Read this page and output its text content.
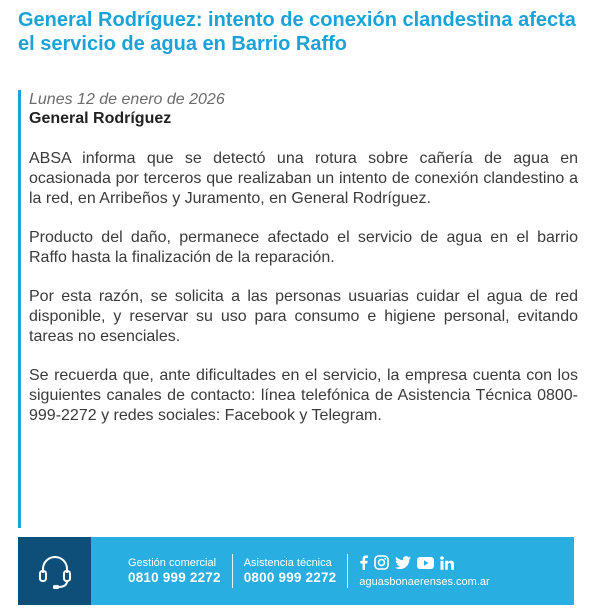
General Rodríguez: intento de conexión clandestina afecta el servicio de agua en Barrio Raffo
Lunes 12 de enero de 2026
General Rodríguez

ABSA informa que se detectó una rotura sobre cañería de agua en ocasionada por terceros que realizaban un intento de conexión clandestino a la red, en Arribeños y Juramento, en General Rodríguez.

Producto del daño, permanece afectado el servicio de agua en el barrio Raffo hasta la finalización de la reparación.

Por esta razón, se solicita a las personas usuarias cuidar el agua de red disponible, y reservar su uso para consumo e higiene personal, evitando tareas no esenciales.

Se recuerda que, ante dificultades en el servicio, la empresa cuenta con los siguientes canales de contacto: línea telefónica de Asistencia Técnica 0800-999-2272 y redes sociales: Facebook y Telegram.

Gestión comercial
0810 999 2272
Asistencia técnica
0800 999 2272 aguasbonaerenses.com.ar
